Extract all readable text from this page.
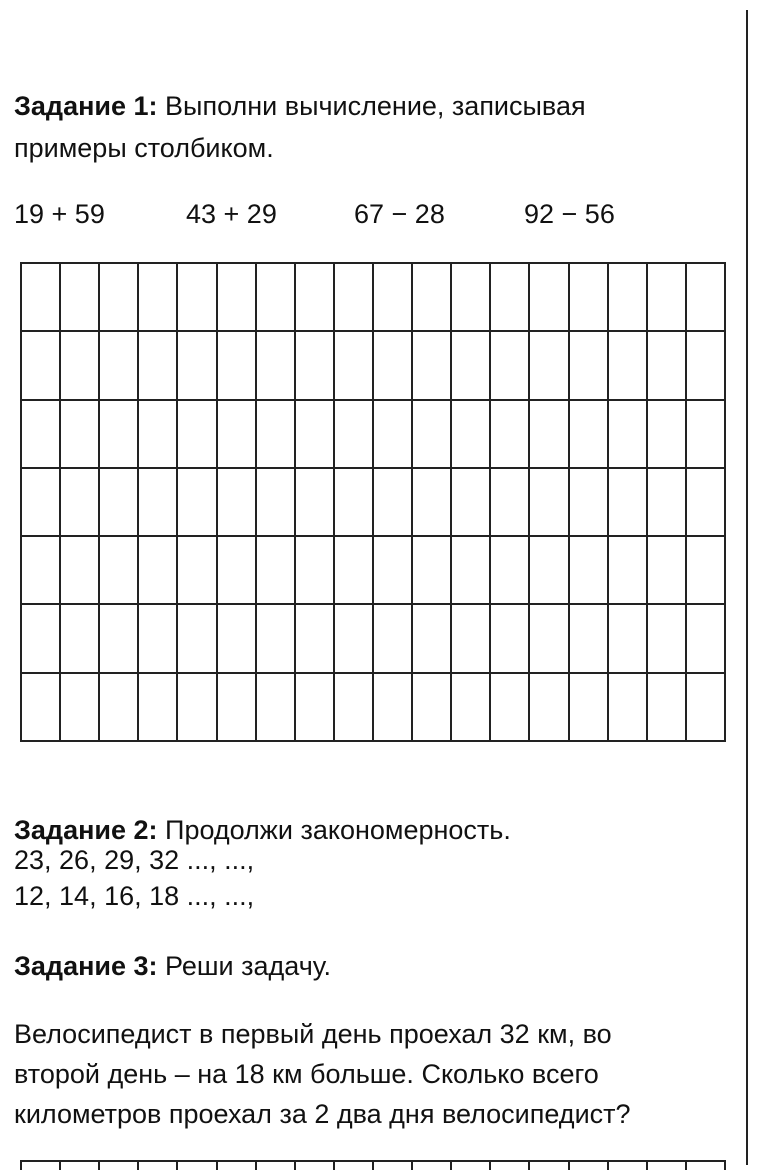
Задание 1: Выполни вычисление, записывая
примеры столбиком.
19 + 59	43 + 29	67 − 28	92 − 56
Задание 2: Продолжи закономерность.
23, 26, 29, 32 ..., ...,
12, 14, 16, 18 ..., ...,
Задание 3: Реши задачу.
Велосипедист в первый день проехал 32 км, во
второй день – на 18 км больше. Сколько всего
километров проехал за 2 два дня велосипедист?
